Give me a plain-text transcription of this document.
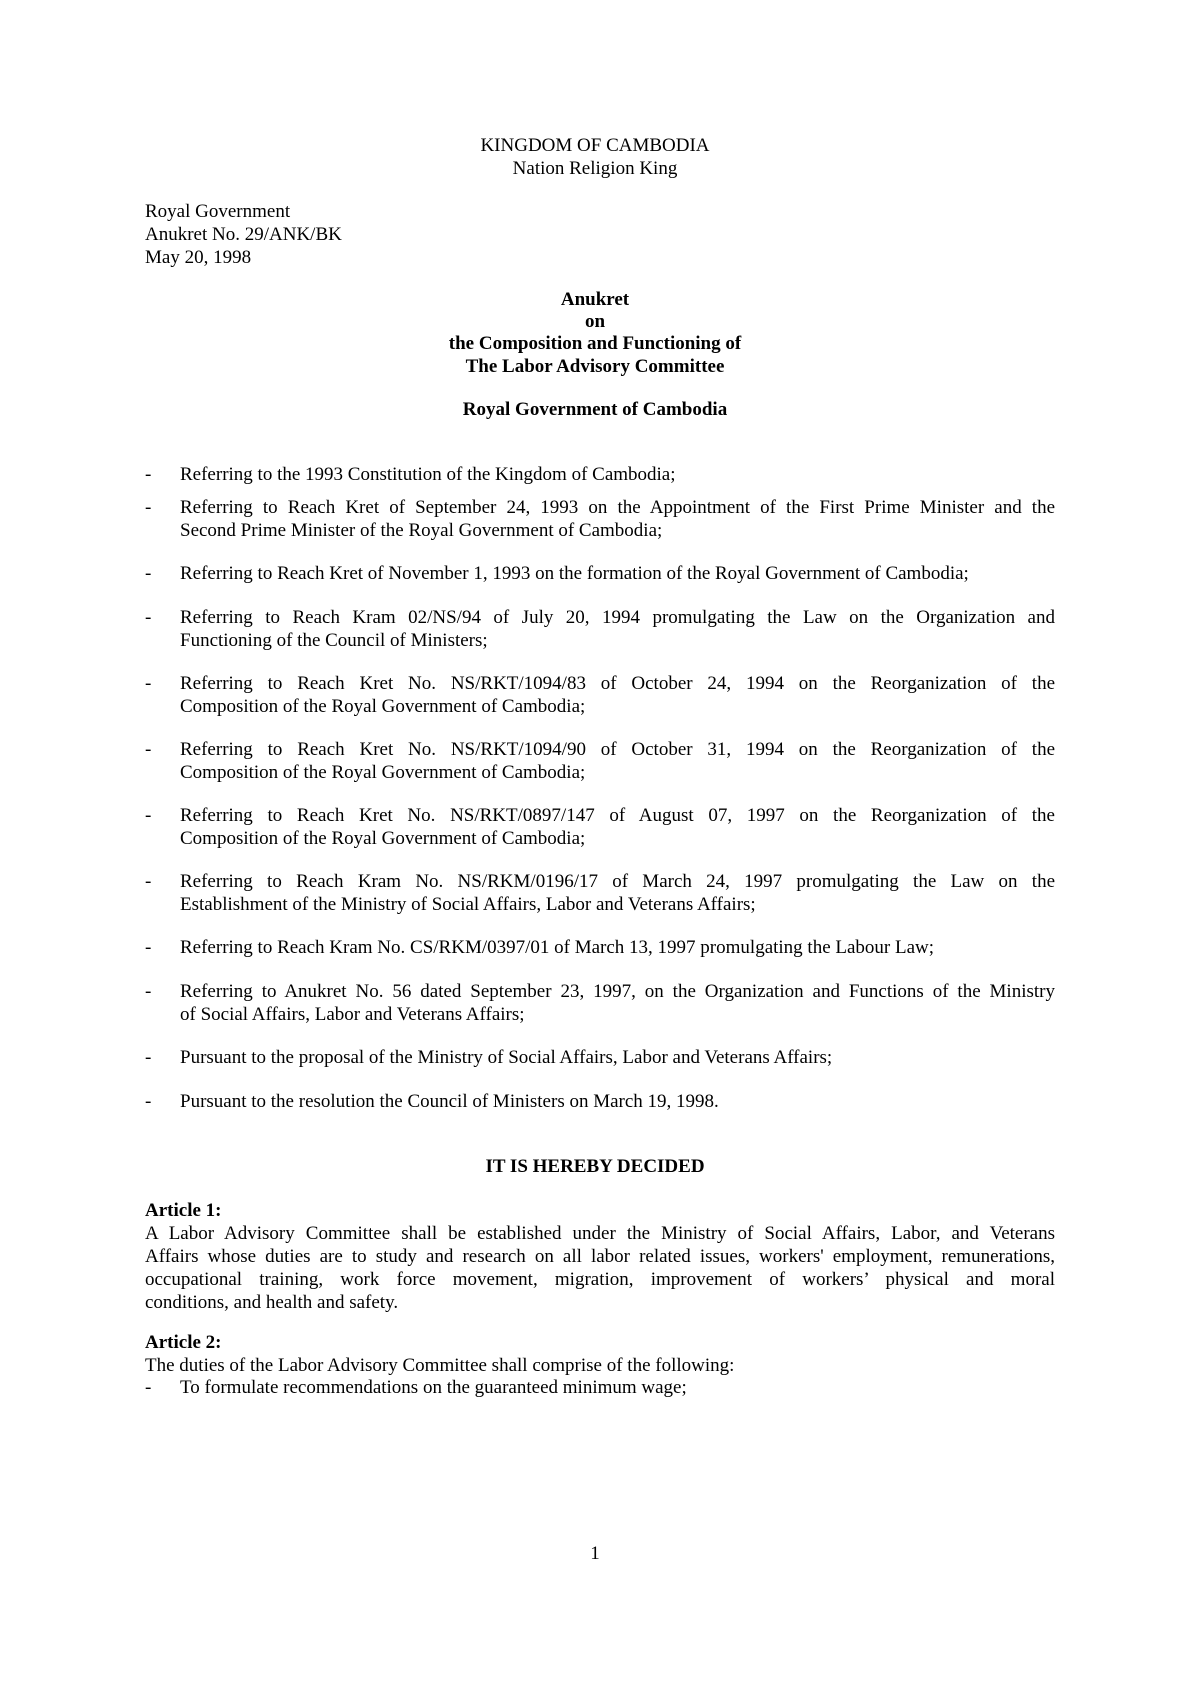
KINGDOM OF CAMBODIA
Nation Religion King
Royal Government
Anukret No. 29/ANK/BK
May 20, 1998
Anukret
on
the Composition and Functioning of
The Labor Advisory Committee
Royal Government of Cambodia
- Referring to the 1993 Constitution of the Kingdom of Cambodia;
- Referring to Reach Kret of September 24, 1993 on the Appointment of the First Prime Minister and the
Second Prime Minister of the Royal Government of Cambodia;
- Referring to Reach Kret of November 1, 1993 on the formation of the Royal Government of Cambodia;
- Referring to Reach Kram 02/NS/94 of July 20, 1994 promulgating the Law on the Organization and
Functioning of the Council of Ministers;
- Referring to Reach Kret No. NS/RKT/1094/83 of October 24, 1994 on the Reorganization of the
Composition of the Royal Government of Cambodia;
- Referring to Reach Kret No. NS/RKT/1094/90 of October 31, 1994 on the Reorganization of the
Composition of the Royal Government of Cambodia;
- Referring to Reach Kret No. NS/RKT/0897/147 of August 07, 1997 on the Reorganization of the
Composition of the Royal Government of Cambodia;
- Referring to Reach Kram No. NS/RKM/0196/17 of March 24, 1997 promulgating the Law on the
Establishment of the Ministry of Social Affairs, Labor and Veterans Affairs;
- Referring to Reach Kram No. CS/RKM/0397/01 of March 13, 1997 promulgating the Labour Law;
- Referring to Anukret No. 56 dated September 23, 1997, on the Organization and Functions of the Ministry
of Social Affairs, Labor and Veterans Affairs;
- Pursuant to the proposal of the Ministry of Social Affairs, Labor and Veterans Affairs;
- Pursuant to the resolution the Council of Ministers on March 19, 1998.
IT IS HEREBY DECIDED
Article 1:
A Labor Advisory Committee shall be established under the Ministry of Social Affairs, Labor, and Veterans
Affairs whose duties are to study and research on all labor related issues, workers' employment, remunerations,
occupational training, work force movement, migration, improvement of workers’ physical and moral
conditions, and health and safety.
Article 2:
The duties of the Labor Advisory Committee shall comprise of the following:
- To formulate recommendations on the guaranteed minimum wage;
1
